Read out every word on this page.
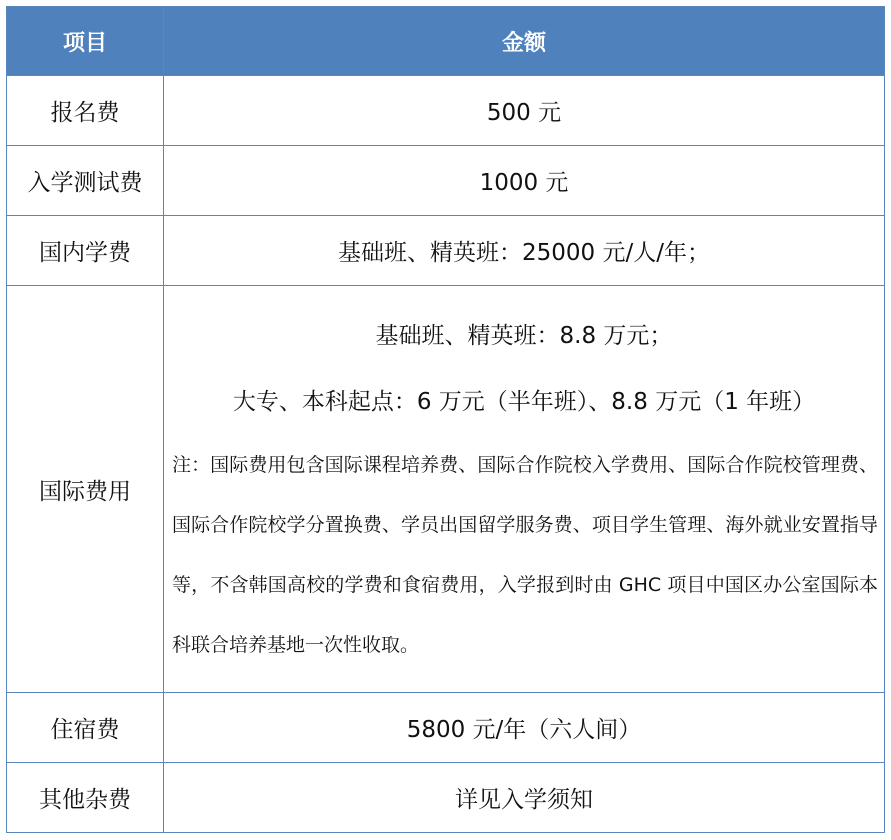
项目	金额
报名费	500 元
入学测试费	1000 元
国内学费	基础班、精英班：25000 元/人/年；
国际费用	基础班、精英班：8.8 万元；
大专、本科起点：6 万元（半年班）、8.8 万元（1 年班）
注：国际费用包含国际课程培养费、国际合作院校入学费用、国际合作院校管理费、国际合作院校学分置换费、学员出国留学服务费、项目学生管理、海外就业安置指导等，不含韩国高校的学费和食宿费用，入学报到时由 GHC 项目中国区办公室国际本科联合培养基地一次性收取。

住宿费	5800 元/年（六人间）
其他杂费	详见入学须知
